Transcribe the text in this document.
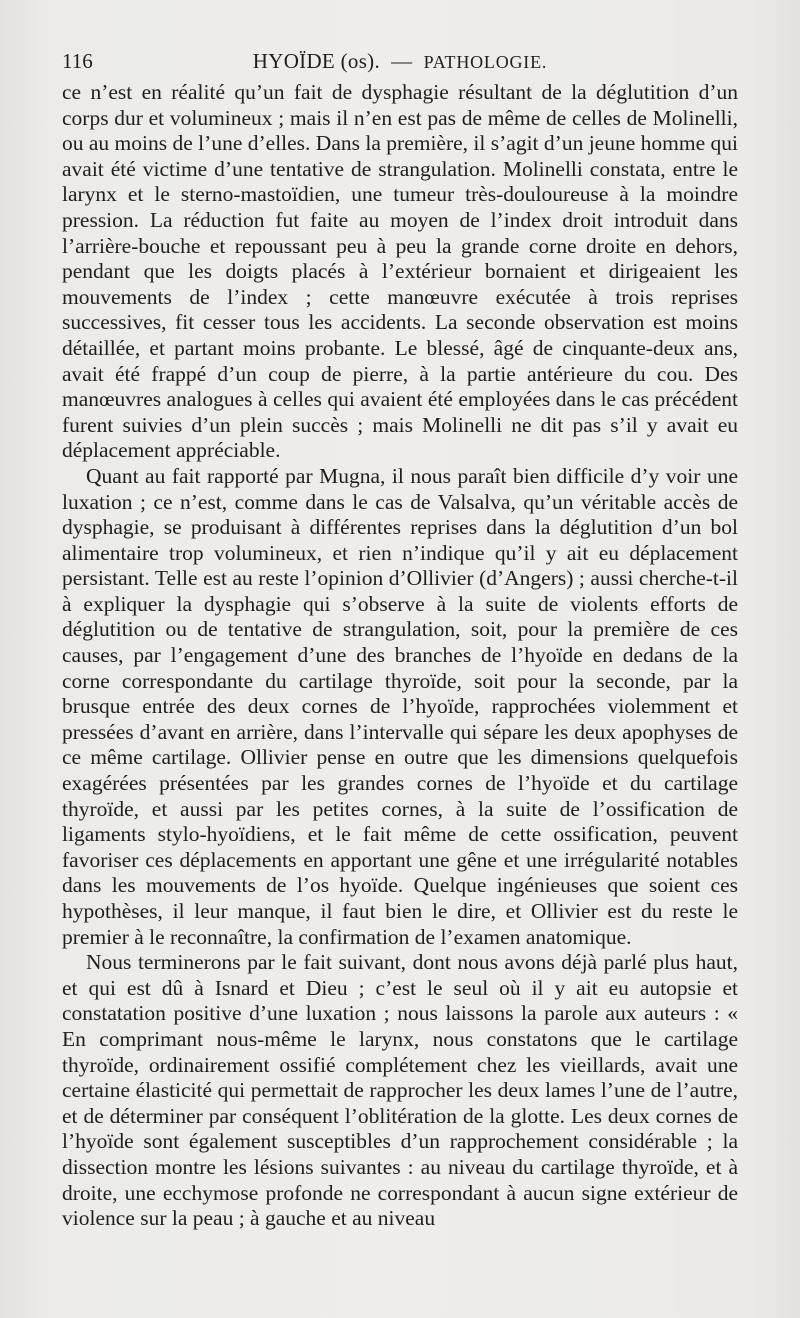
116	HYOÏDE (os). — PATHOLOGIE.

ce n’est en réalité qu’un fait de dysphagie résultant de la déglutition d’un corps dur et volumineux ; mais il n’en est pas de même de celles de Molinelli, ou au moins de l’une d’elles. Dans la première, il s’agit d’un jeune homme qui avait été victime d’une tentative de strangulation. Molinelli constata, entre le larynx et le sterno-mastoïdien, une tumeur très-douloureuse à la moindre pression. La réduction fut faite au moyen de l’index droit introduit dans l’arrière-bouche et repoussant peu à peu la grande corne droite en dehors, pendant que les doigts placés à l’extérieur bornaient et dirigeaient les mouvements de l’index ; cette manœuvre exécutée à trois reprises successives, fit cesser tous les accidents. La seconde observation est moins détaillée, et partant moins probante. Le blessé, âgé de cinquante-deux ans, avait été frappé d’un coup de pierre, à la partie antérieure du cou. Des manœuvres analogues à celles qui avaient été employées dans le cas précédent furent suivies d’un plein succès ; mais Molinelli ne dit pas s’il y avait eu déplacement appréciable.

Quant au fait rapporté par Mugna, il nous paraît bien difficile d’y voir une luxation ; ce n’est, comme dans le cas de Valsalva, qu’un véritable accès de dysphagie, se produisant à différentes reprises dans la déglutition d’un bol alimentaire trop volumineux, et rien n’indique qu’il y ait eu déplacement persistant. Telle est au reste l’opinion d’Ollivier (d’Angers) ; aussi cherche-t-il à expliquer la dysphagie qui s’observe à la suite de violents efforts de déglutition ou de tentative de strangulation, soit, pour la première de ces causes, par l’engagement d’une des branches de l’hyoïde en dedans de la corne correspondante du cartilage thyroïde, soit pour la seconde, par la brusque entrée des deux cornes de l’hyoïde, rapprochées violemment et pressées d’avant en arrière, dans l’intervalle qui sépare les deux apophyses de ce même cartilage. Ollivier pense en outre que les dimensions quelquefois exagérées présentées par les grandes cornes de l’hyoïde et du cartilage thyroïde, et aussi par les petites cornes, à la suite de l’ossification de ligaments stylo-hyoïdiens, et le fait même de cette ossification, peuvent favoriser ces déplacements en apportant une gêne et une irrégularité notables dans les mouvements de l’os hyoïde. Quelque ingénieuses que soient ces hypothèses, il leur manque, il faut bien le dire, et Ollivier est du reste le premier à le reconnaître, la confirmation de l’examen anatomique.

Nous terminerons par le fait suivant, dont nous avons déjà parlé plus haut, et qui est dû à Isnard et Dieu ; c’est le seul où il y ait eu autopsie et constatation positive d’une luxation ; nous laissons la parole aux auteurs : « En comprimant nous-même le larynx, nous constatons que le cartilage thyroïde, ordinairement ossifié complétement chez les vieillards, avait une certaine élasticité qui permettait de rapprocher les deux lames l’une de l’autre, et de déterminer par conséquent l’oblitération de la glotte. Les deux cornes de l’hyoïde sont également susceptibles d’un rapprochement considérable ; la dissection montre les lésions suivantes : au niveau du cartilage thyroïde, et à droite, une ecchymose profonde ne correspondant à aucun signe extérieur de violence sur la peau ; à gauche et au niveau
